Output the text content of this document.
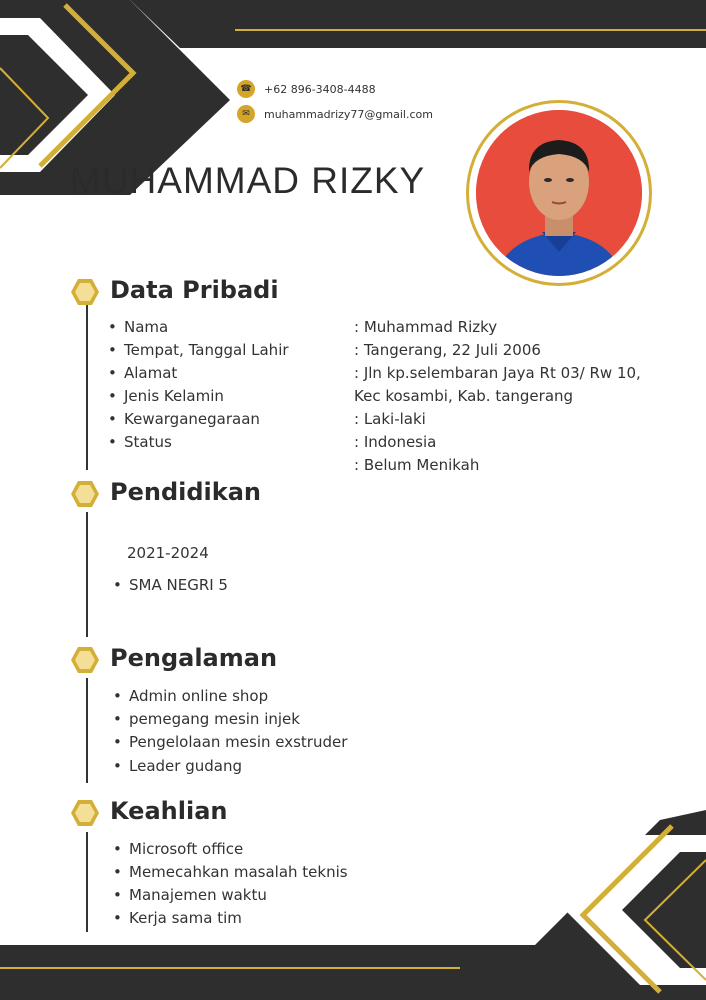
☎ +62 896-3408-4488
✉ muhammadrizy77@gmail.com
MUHAMMAD RIZKY
Data Pribadi
• Nama
• Tempat, Tanggal Lahir
• Alamat
• Jenis Kelamin
• Kewarganegaraan
• Status
: Muhammad Rizky
: Tangerang, 22 Juli 2006
: Jln kp.selembaran Jaya Rt 03/ Rw 10,
Kec kosambi, Kab. tangerang
: Laki-laki
: Indonesia
: Belum Menikah
Pendidikan
2021-2024
• SMA NEGRI 5
Pengalaman
• Admin online shop
• pemegang mesin injek
• Pengelolaan mesin exstruder
• Leader gudang
Keahlian
• Microsoft office
• Memecahkan masalah teknis
• Manajemen waktu
• Kerja sama tim
